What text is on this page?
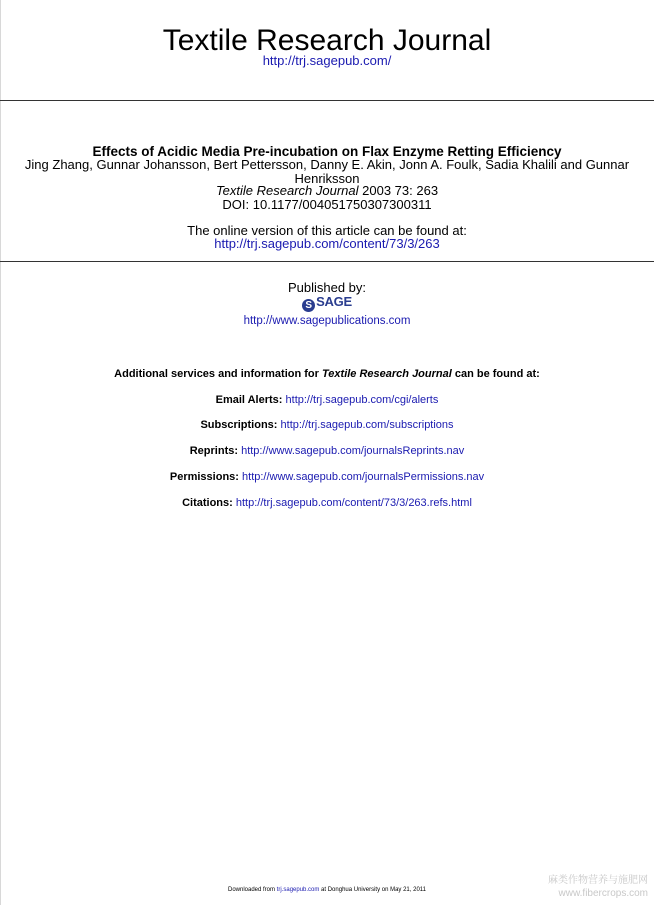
Textile Research Journal
http://trj.sagepub.com/
Effects of Acidic Media Pre-incubation on Flax Enzyme Retting Efficiency
Jing Zhang, Gunnar Johansson, Bert Pettersson, Danny E. Akin, Jonn A. Foulk, Sadia Khalili and Gunnar Henriksson
Textile Research Journal 2003 73: 263
DOI: 10.1177/004051750307300311
The online version of this article can be found at:
http://trj.sagepub.com/content/73/3/263
Published by:
S SAGE
http://www.sagepublications.com
Additional services and information for Textile Research Journal can be found at:
Email Alerts: http://trj.sagepub.com/cgi/alerts
Subscriptions: http://trj.sagepub.com/subscriptions
Reprints: http://www.sagepub.com/journalsReprints.nav
Permissions: http://www.sagepub.com/journalsPermissions.nav
Citations: http://trj.sagepub.com/content/73/3/263.refs.html
Downloaded from trj.sagepub.com at Donghua University on May 21, 2011
麻类作物营养与施肥网
www.fibercrops.com
